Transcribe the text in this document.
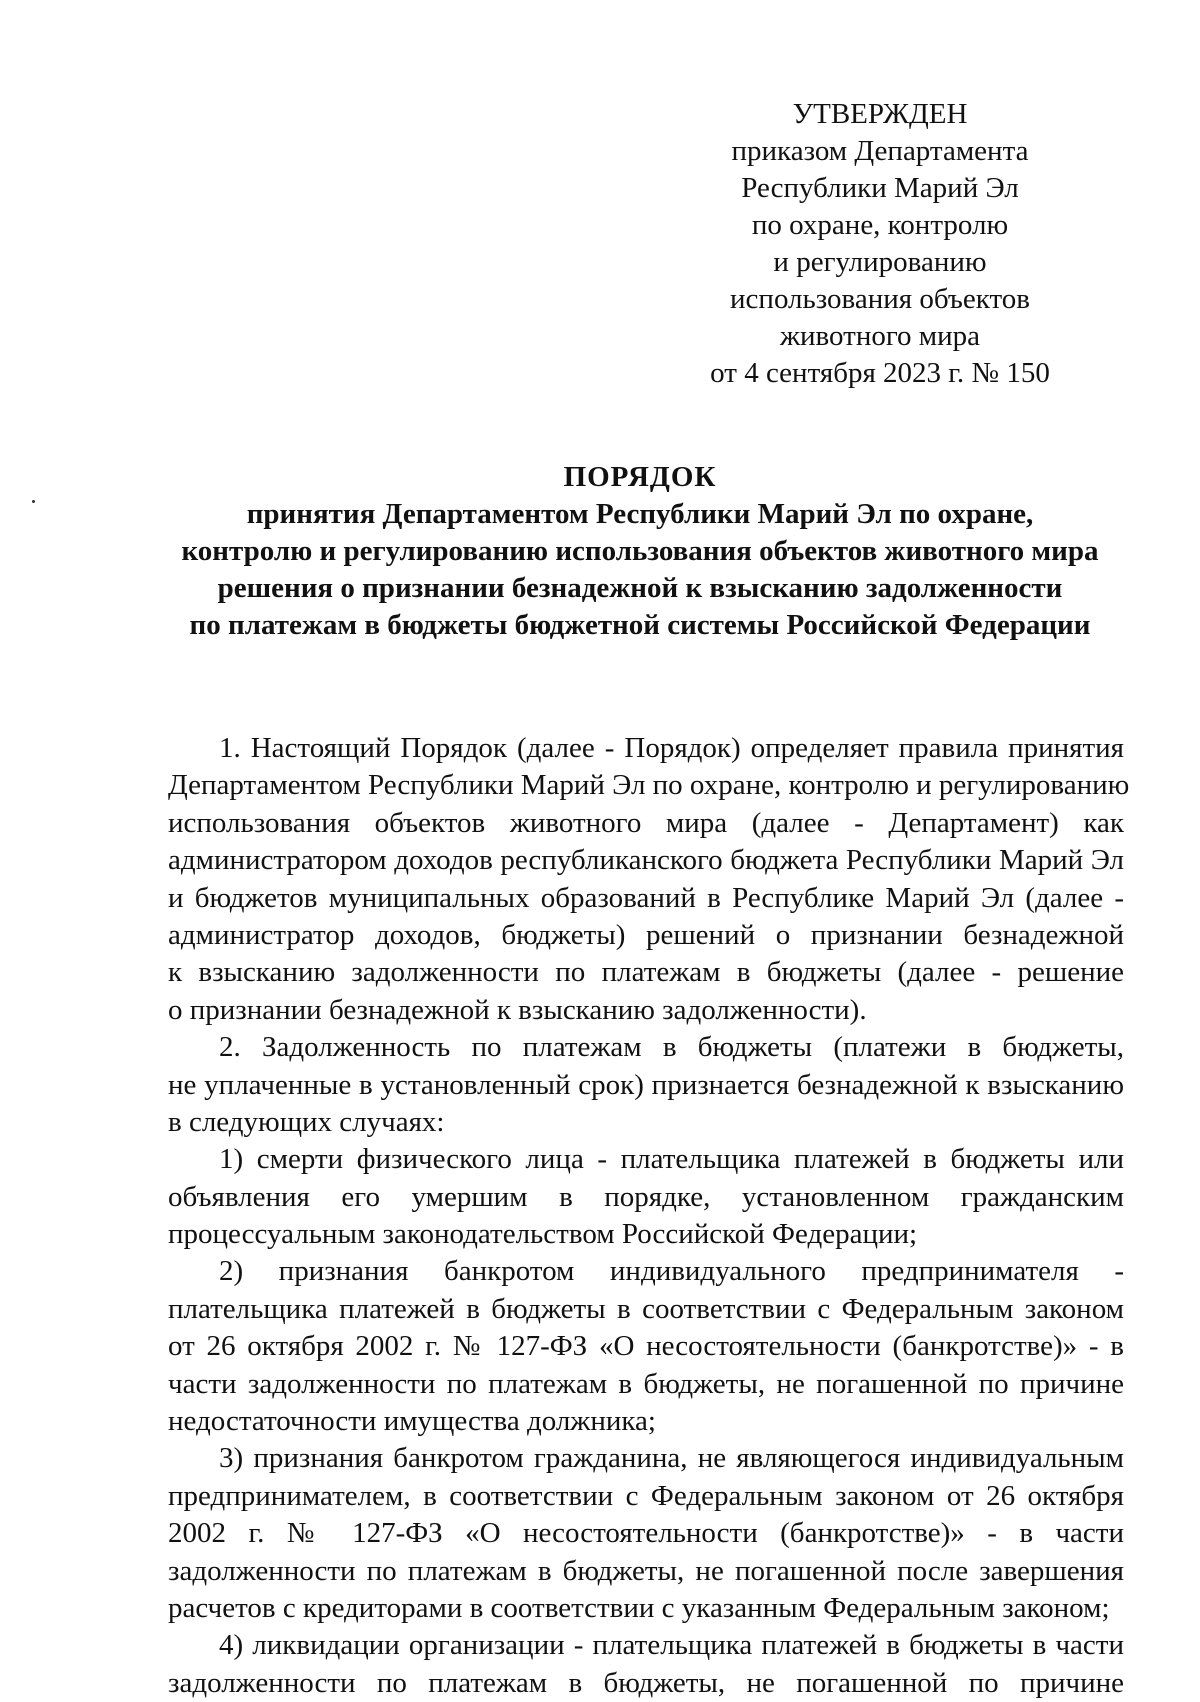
УТВЕРЖДЕН
приказом Департамента
Республики Марий Эл
по охране, контролю
и регулированию
использования объектов
животного мира
от 4 сентября 2023 г. № 150
ПОРЯДОК
принятия Департаментом Республики Марий Эл по охране,
контролю и регулированию использования объектов животного мира
решения о признании безнадежной к взысканию задолженности
по платежам в бюджеты бюджетной системы Российской Федерации
1. Настоящий Порядок (далее - Порядок) определяет правила принятия
Департаментом Республики Марий Эл по охране, контролю и регулированию
использования объектов животного мира (далее - Департамент) как
администратором доходов республиканского бюджета Республики Марий Эл
и бюджетов муниципальных образований в Республике Марий Эл (далее -
администратор доходов, бюджеты) решений о признании безнадежной
к взысканию задолженности по платежам в бюджеты (далее - решение
о признании безнадежной к взысканию задолженности).
2. Задолженность по платежам в бюджеты (платежи в бюджеты,
не уплаченные в установленный срок) признается безнадежной к взысканию
в следующих случаях:
1) смерти физического лица - плательщика платежей в бюджеты или
объявления его умершим в порядке, установленном гражданским
процессуальным законодательством Российской Федерации;
2) признания банкротом индивидуального предпринимателя -
плательщика платежей в бюджеты в соответствии с Федеральным законом
от 26 октября 2002 г. № 127-ФЗ «О несостоятельности (банкротстве)» - в
части задолженности по платежам в бюджеты, не погашенной по причине
недостаточности имущества должника;
3) признания банкротом гражданина, не являющегося индивидуальным
предпринимателем, в соответствии с Федеральным законом от 26 октября
2002 г. № 127-ФЗ «О несостоятельности (банкротстве)» - в части
задолженности по платежам в бюджеты, не погашенной после завершения
расчетов с кредиторами в соответствии с указанным Федеральным законом;
4) ликвидации организации - плательщика платежей в бюджеты в части
задолженности по платежам в бюджеты, не погашенной по причине
